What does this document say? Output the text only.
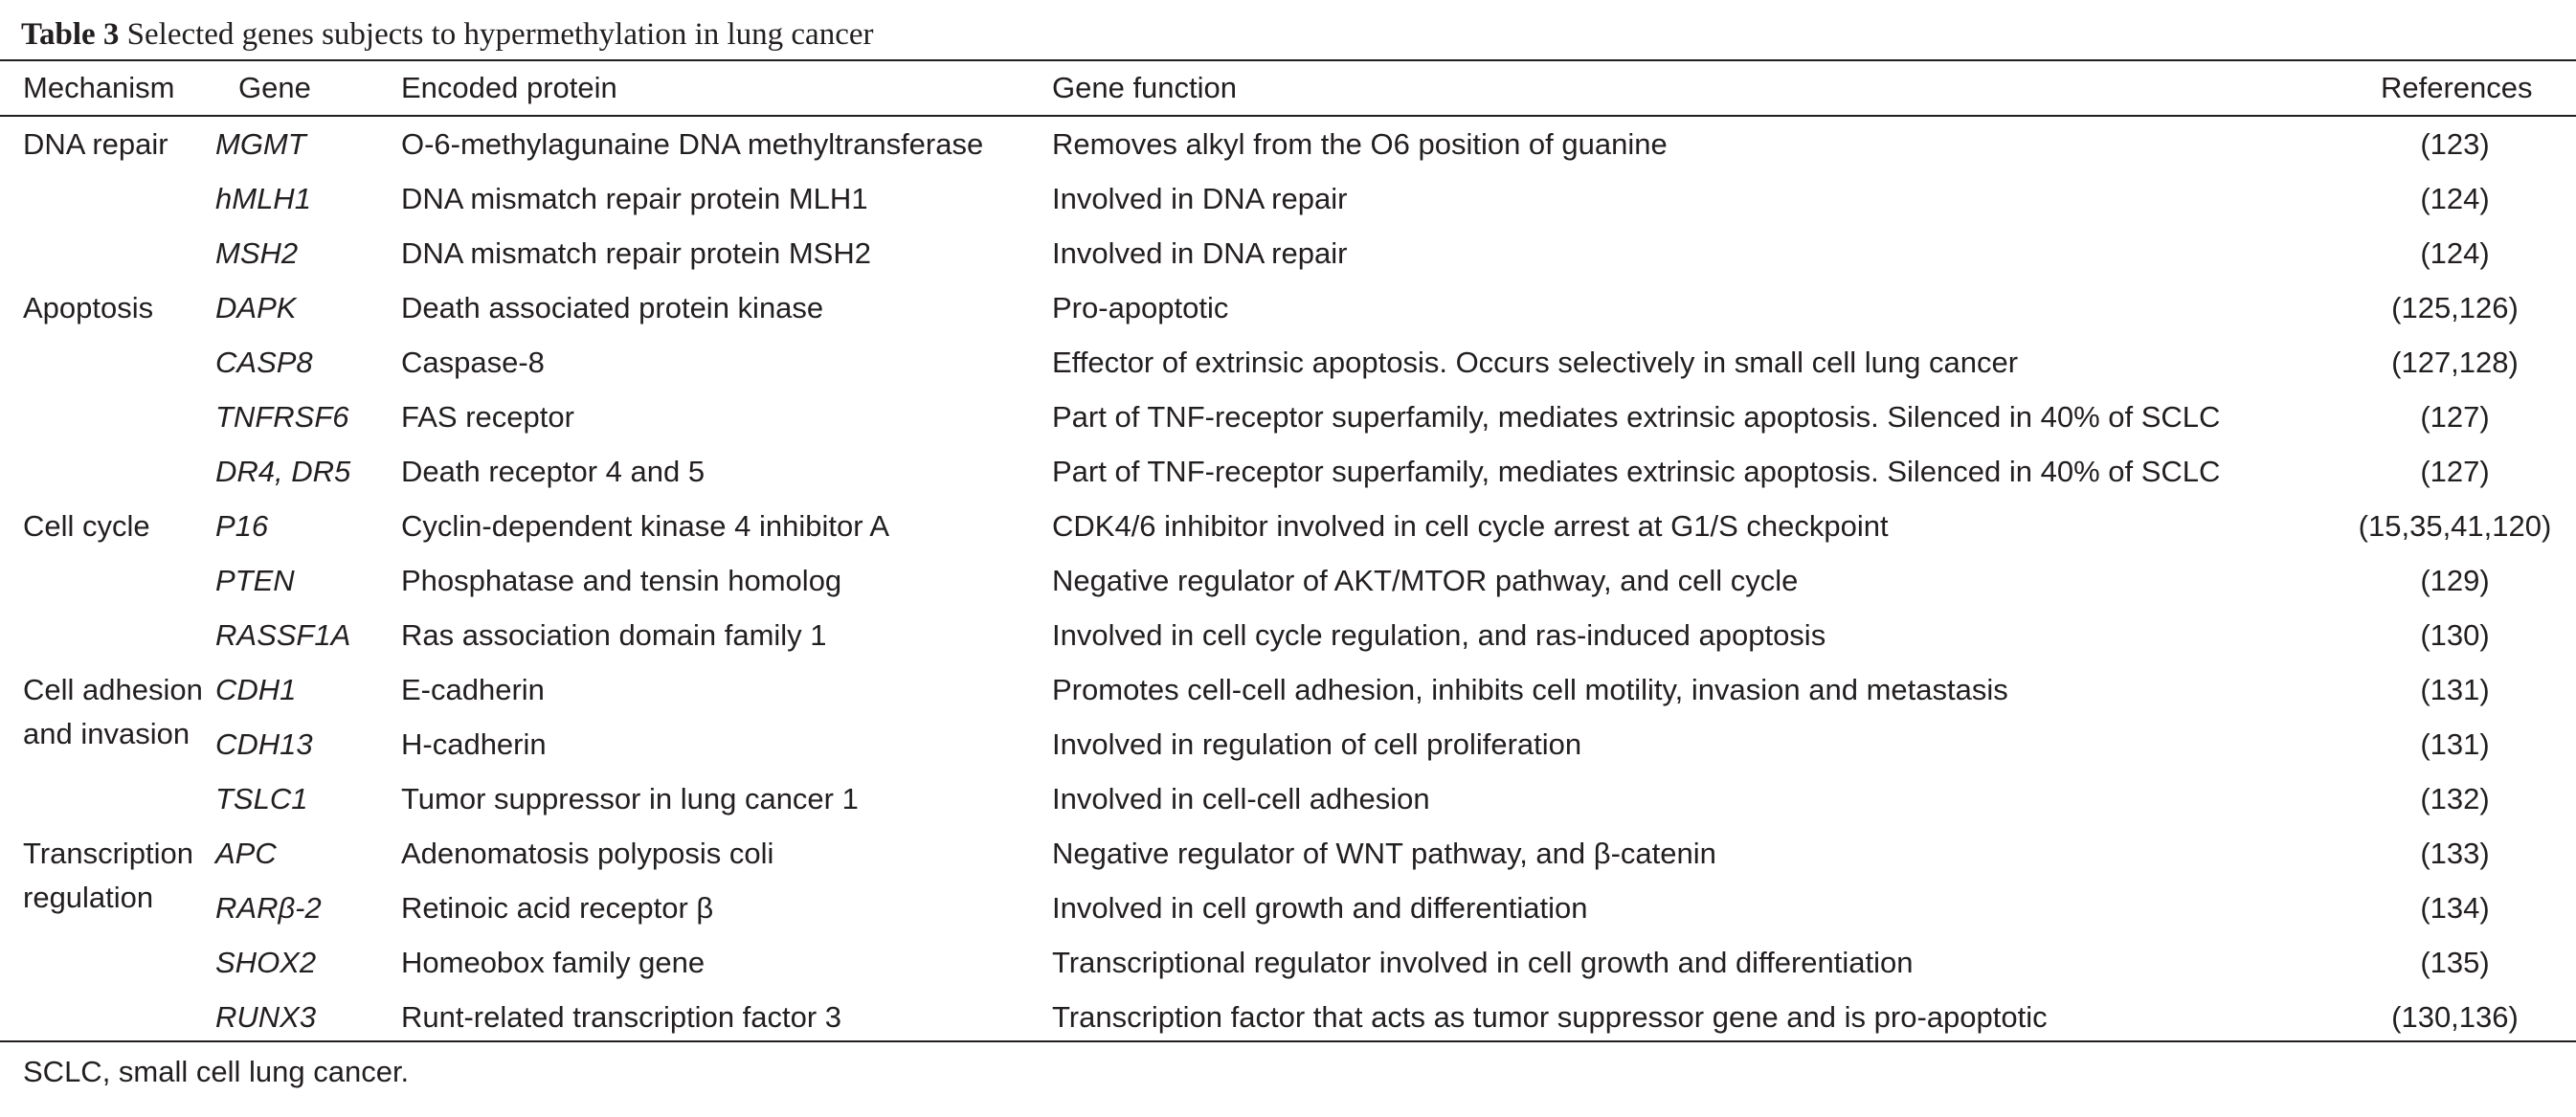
Table 3 Selected genes subjects to hypermethylation in lung cancer
Mechanism Gene	Encoded protein	Gene function	References
DNA repair	MGMT	O-6-methylagunaine DNA methyltransferase	Removes alkyl from the O6 position of guanine	(123)
	hMLH1	DNA mismatch repair protein MLH1	Involved in DNA repair	(124)
	MSH2	DNA mismatch repair protein MSH2	Involved in DNA repair	(124)
Apoptosis	DAPK	Death associated protein kinase	Pro-apoptotic	(125,126)
	CASP8	Caspase-8	Effector of extrinsic apoptosis. Occurs selectively in small cell lung cancer	(127,128)
	TNFRSF6	FAS receptor	Part of TNF-receptor superfamily, mediates extrinsic apoptosis. Silenced in 40% of SCLC	(127)
	DR4, DR5	Death receptor 4 and 5	Part of TNF-receptor superfamily, mediates extrinsic apoptosis. Silenced in 40% of SCLC	(127)
Cell cycle	P16	Cyclin-dependent kinase 4 inhibitor A	CDK4/6 inhibitor involved in cell cycle arrest at G1/S checkpoint	(15,35,41,120)
	PTEN	Phosphatase and tensin homolog	Negative regulator of AKT/MTOR pathway, and cell cycle	(129)
	RASSF1A	Ras association domain family 1	Involved in cell cycle regulation, and ras-induced apoptosis	(130)
Cell adhesion and invasion	CDH1	E-cadherin	Promotes cell-cell adhesion, inhibits cell motility, invasion and metastasis	(131)
	CDH13	H-cadherin	Involved in regulation of cell proliferation	(131)
	TSLC1	Tumor suppressor in lung cancer 1	Involved in cell-cell adhesion	(132)
Transcription regulation	APC	Adenomatosis polyposis coli	Negative regulator of WNT pathway, and β-catenin	(133)
	RARβ-2	Retinoic acid receptor β	Involved in cell growth and differentiation	(134)
	SHOX2	Homeobox family gene	Transcriptional regulator involved in cell growth and differentiation	(135)
	RUNX3	Runt-related transcription factor 3	Transcription factor that acts as tumor suppressor gene and is pro-apoptotic	(130,136)
SCLC, small cell lung cancer.
